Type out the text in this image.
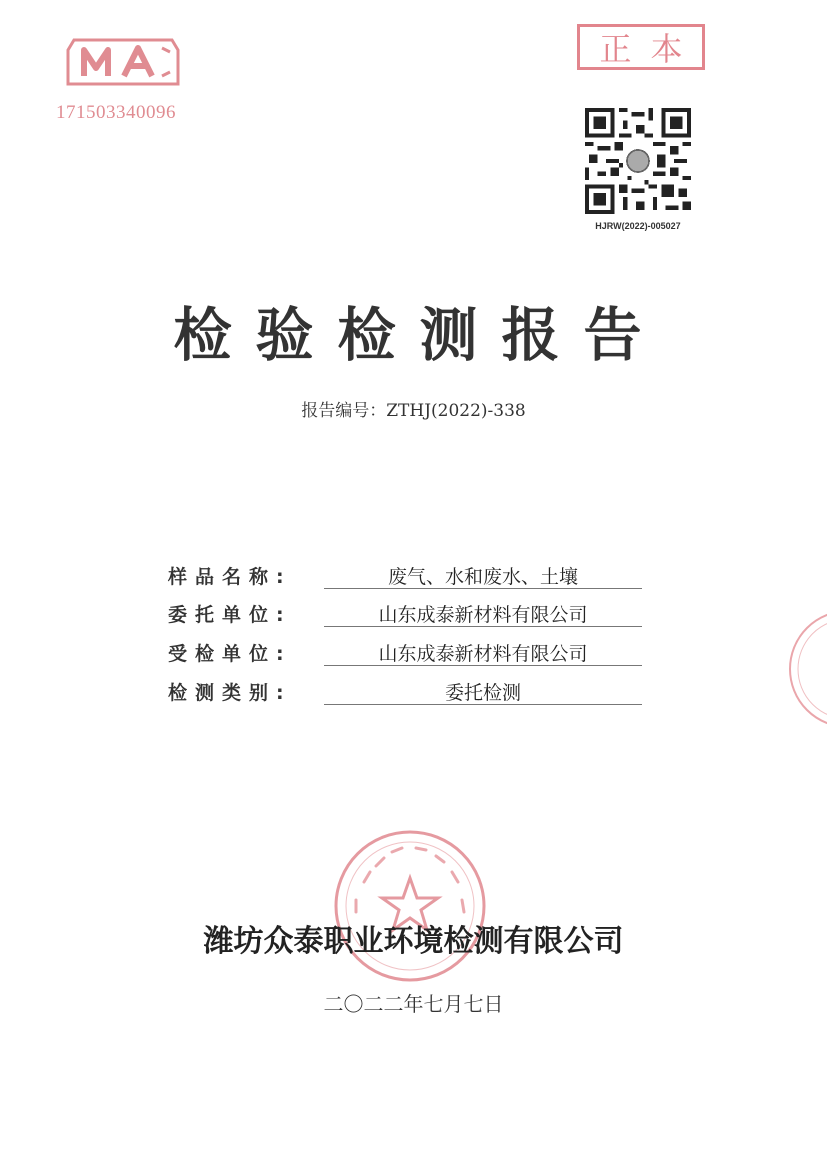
171503340096
正 本
HJRW(2022)-005027
检验检测报告
报告编号：ZTHJ(2022)-338
样品名称:	废气、水和废水、土壤
委托单位:	山东成泰新材料有限公司
受检单位:	山东成泰新材料有限公司
检测类别:	委托检测
潍坊众泰职业环境检测有限公司
二〇二二年七月七日
